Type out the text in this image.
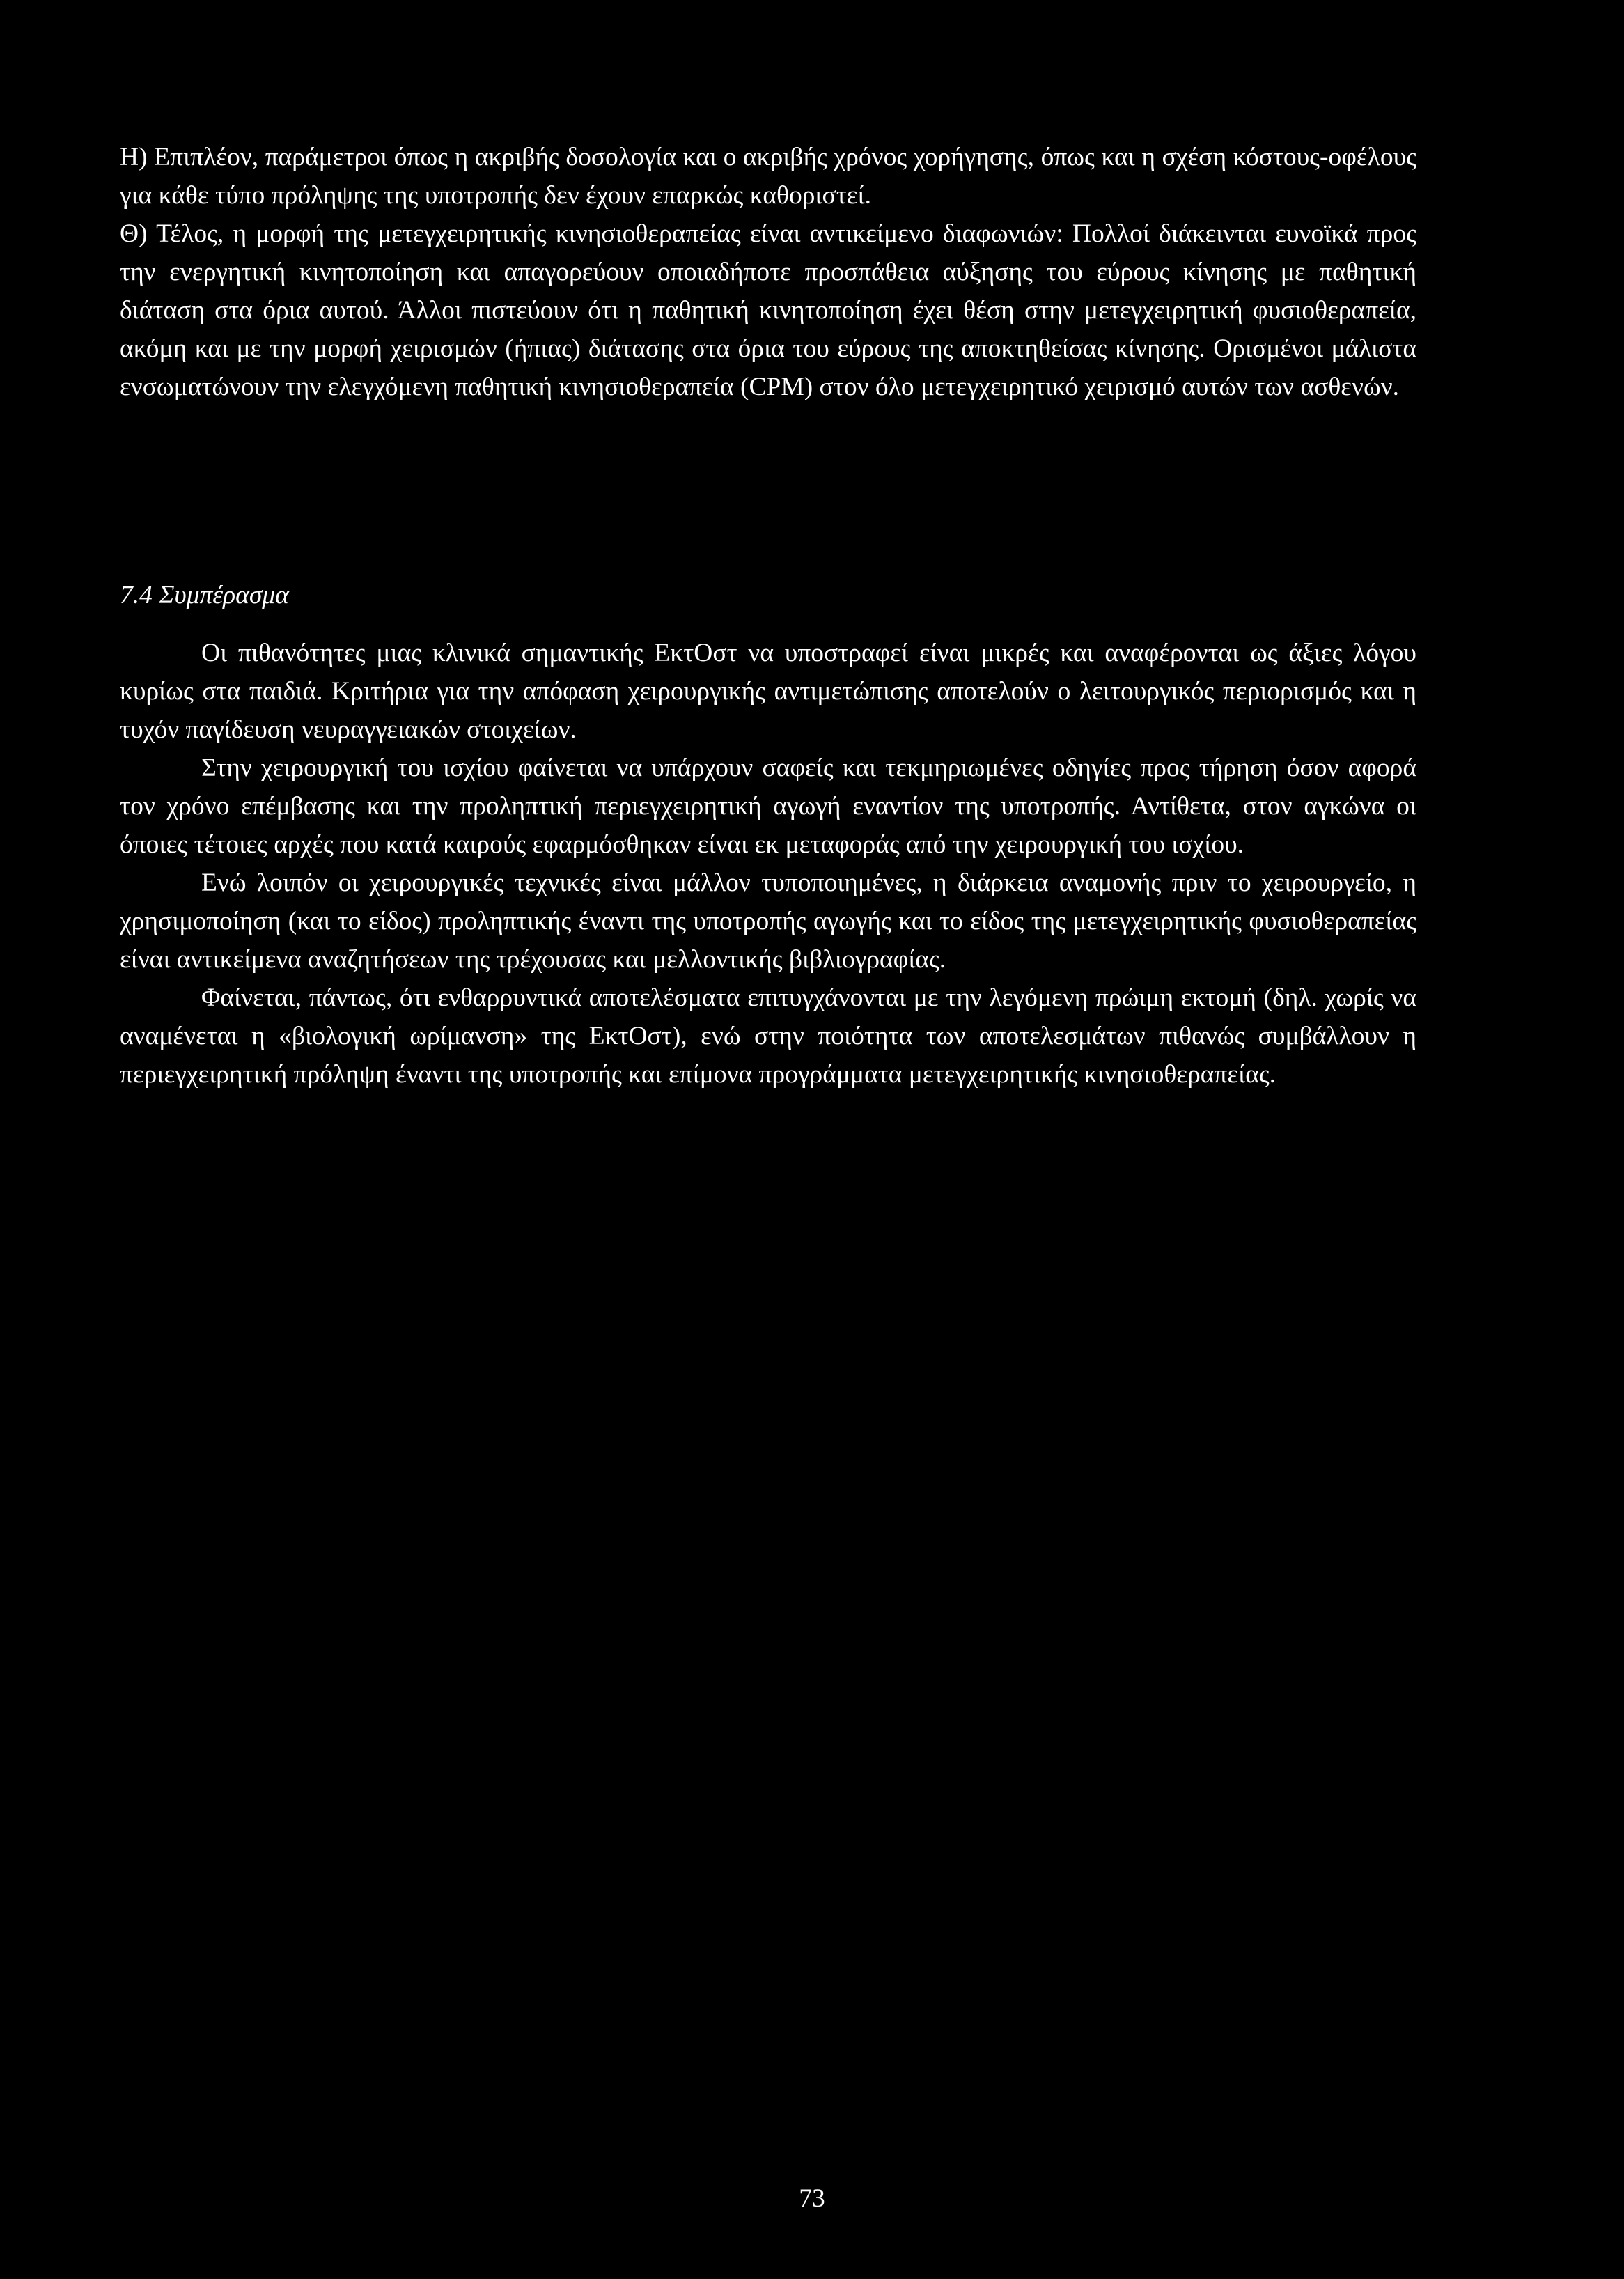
Η) Επιπλέον, παράμετροι όπως η ακριβής δοσολογία και ο ακριβής χρόνος χορήγησης, όπως και η σχέση κόστους-οφέλους για κάθε τύπο πρόληψης της υποτροπής δεν έχουν επαρκώς καθοριστεί.

Θ) Τέλος, η μορφή της μετεγχειρητικής κινησιοθεραπείας είναι αντικείμενο διαφωνιών: Πολλοί διάκεινται ευνοϊκά προς την ενεργητική κινητοποίηση και απαγορεύουν οποιαδήποτε προσπάθεια αύξησης του εύρους κίνησης με παθητική διάταση στα όρια αυτού. Άλλοι πιστεύουν ότι η παθητική κινητοποίηση έχει θέση στην μετεγχειρητική φυσιοθεραπεία, ακόμη και με την μορφή χειρισμών (ήπιας) διάτασης στα όρια του εύρους της αποκτηθείσας κίνησης. Ορισμένοι μάλιστα ενσωματώνουν την ελεγχόμενη παθητική κινησιοθεραπεία (CPM) στον όλο μετεγχειρητικό χειρισμό αυτών των ασθενών.

7.4 Συμπέρασμα

Οι πιθανότητες μιας κλινικά σημαντικής ΕκτΟστ να υποστραφεί είναι μικρές και αναφέρονται ως άξιες λόγου κυρίως στα παιδιά. Κριτήρια για την απόφαση χειρουργικής αντιμετώπισης αποτελούν ο λειτουργικός περιορισμός και η τυχόν παγίδευση νευραγγειακών στοιχείων.

Στην χειρουργική του ισχίου φαίνεται να υπάρχουν σαφείς και τεκμηριωμένες οδηγίες προς τήρηση όσον αφορά τον χρόνο επέμβασης και την προληπτική περιεγχειρητική αγωγή εναντίον της υποτροπής. Αντίθετα, στον αγκώνα οι όποιες τέτοιες αρχές που κατά καιρούς εφαρμόσθηκαν είναι εκ μεταφοράς από την χειρουργική του ισχίου.

Ενώ λοιπόν οι χειρουργικές τεχνικές είναι μάλλον τυποποιημένες, η διάρκεια αναμονής πριν το χειρουργείο, η χρησιμοποίηση (και το είδος) προληπτικής έναντι της υποτροπής αγωγής και το είδος της μετεγχειρητικής φυσιοθεραπείας είναι αντικείμενα αναζητήσεων της τρέχουσας και μελλοντικής βιβλιογραφίας.

Φαίνεται, πάντως, ότι ενθαρρυντικά αποτελέσματα επιτυγχάνονται με την λεγόμενη πρώιμη εκτομή (δηλ. χωρίς να αναμένεται η «βιολογική ωρίμανση» της ΕκτΟστ), ενώ στην ποιότητα των αποτελεσμάτων πιθανώς συμβάλλουν η περιεγχειρητική πρόληψη έναντι της υποτροπής και επίμονα προγράμματα μετεγχειρητικής κινησιοθεραπείας.

73
